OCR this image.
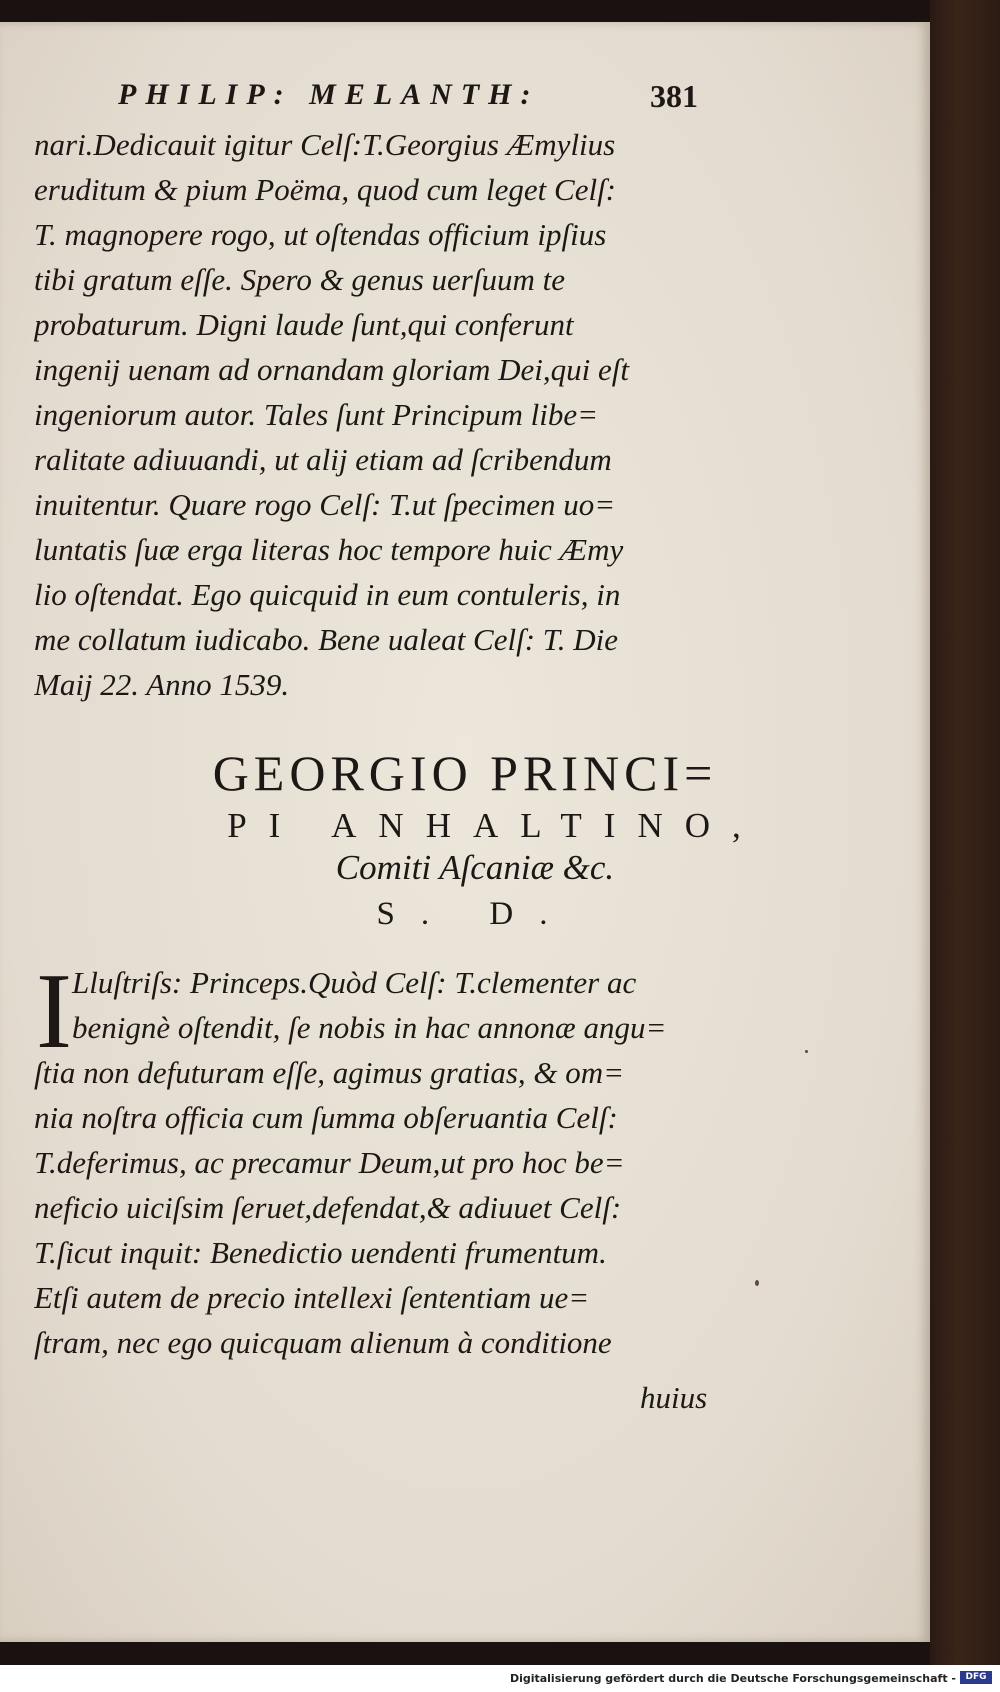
PHILIP: MELANTH:	381
nari.Dedicauit igitur Celſ:T.Georgius Æmylius
eruditum & pium Poëma, quod cum leget Celſ:
T. magnopere rogo, ut oſtendas officium ipſius
tibi gratum eſſe. Spero & genus uerſuum te
probaturum. Digni laude ſunt,qui conferunt
ingenij uenam ad ornandam gloriam Dei,qui eſt
ingeniorum autor. Tales ſunt Principum libe=
ralitate adiuuandi, ut alij etiam ad ſcribendum
inuitentur. Quare rogo Celſ: T.ut ſpecimen uo=
luntatis ſuæ erga literas hoc tempore huic Æmy
lio oſtendat. Ego quicquid in eum contuleris, in
me collatum iudicabo. Bene ualeat Celſ: T. Die
Maij 22. Anno 1539.
GEORGIO PRINCI=
PI ANHALTINO,
Comiti Aſcaniæ &c.
S. D.
I Lluſtriſs: Princeps.Quòd Celſ: T.clementer ac
benignè oſtendit, ſe nobis in hac annonæ angu=
ſtia non defuturam eſſe, agimus gratias, & om=
nia noſtra officia cum ſumma obſeruantia Celſ:
T.deferimus, ac precamur Deum,ut pro hoc be=
neficio uiciſsim ſeruet,defendat,& adiuuet Celſ:
T.ſicut inquit: Benedictio uendenti frumentum.
Etſi autem de precio intellexi ſententiam ue=
ſtram, nec ego quicquam alienum à conditione
huius
Digitalisierung gefördert durch die Deutsche Forschungsgemeinschaft -	DFG
